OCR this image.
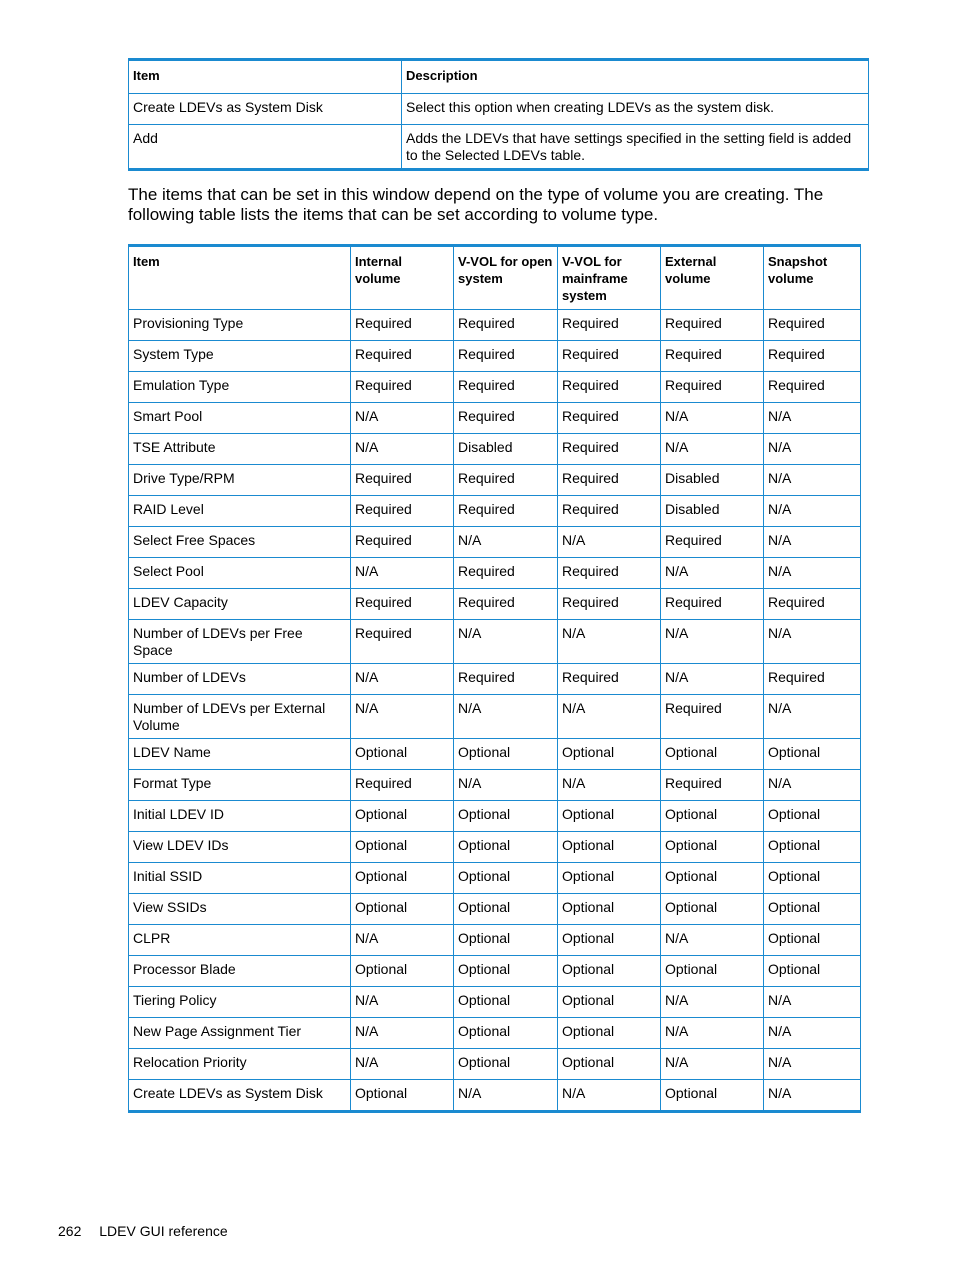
Item	Description
Create LDEVs as System Disk	Select this option when creating LDEVs as the system disk.
Add	Adds the LDEVs that have settings specified in the setting field is added to the Selected LDEVs table.

The items that can be set in this window depend on the type of volume you are creating. The following table lists the items that can be set according to volume type.

Item	Internal volume	V-VOL for open system	V-VOL for mainframe system	External volume	Snapshot volume
Provisioning Type	Required	Required	Required	Required	Required
System Type	Required	Required	Required	Required	Required
Emulation Type	Required	Required	Required	Required	Required
Smart Pool	N/A	Required	Required	N/A	N/A
TSE Attribute	N/A	Disabled	Required	N/A	N/A
Drive Type/RPM	Required	Required	Required	Disabled	N/A
RAID Level	Required	Required	Required	Disabled	N/A
Select Free Spaces	Required	N/A	N/A	Required	N/A
Select Pool	N/A	Required	Required	N/A	N/A
LDEV Capacity	Required	Required	Required	Required	Required
Number of LDEVs per Free Space	Required	N/A	N/A	N/A	N/A
Number of LDEVs	N/A	Required	Required	N/A	Required
Number of LDEVs per External Volume	N/A	N/A	N/A	Required	N/A
LDEV Name	Optional	Optional	Optional	Optional	Optional
Format Type	Required	N/A	N/A	Required	N/A
Initial LDEV ID	Optional	Optional	Optional	Optional	Optional
View LDEV IDs	Optional	Optional	Optional	Optional	Optional
Initial SSID	Optional	Optional	Optional	Optional	Optional
View SSIDs	Optional	Optional	Optional	Optional	Optional
CLPR	N/A	Optional	Optional	N/A	Optional
Processor Blade	Optional	Optional	Optional	Optional	Optional
Tiering Policy	N/A	Optional	Optional	N/A	N/A
New Page Assignment Tier	N/A	Optional	Optional	N/A	N/A
Relocation Priority	N/A	Optional	Optional	N/A	N/A
Create LDEVs as System Disk	Optional	N/A	N/A	Optional	N/A
262 LDEV GUI reference
